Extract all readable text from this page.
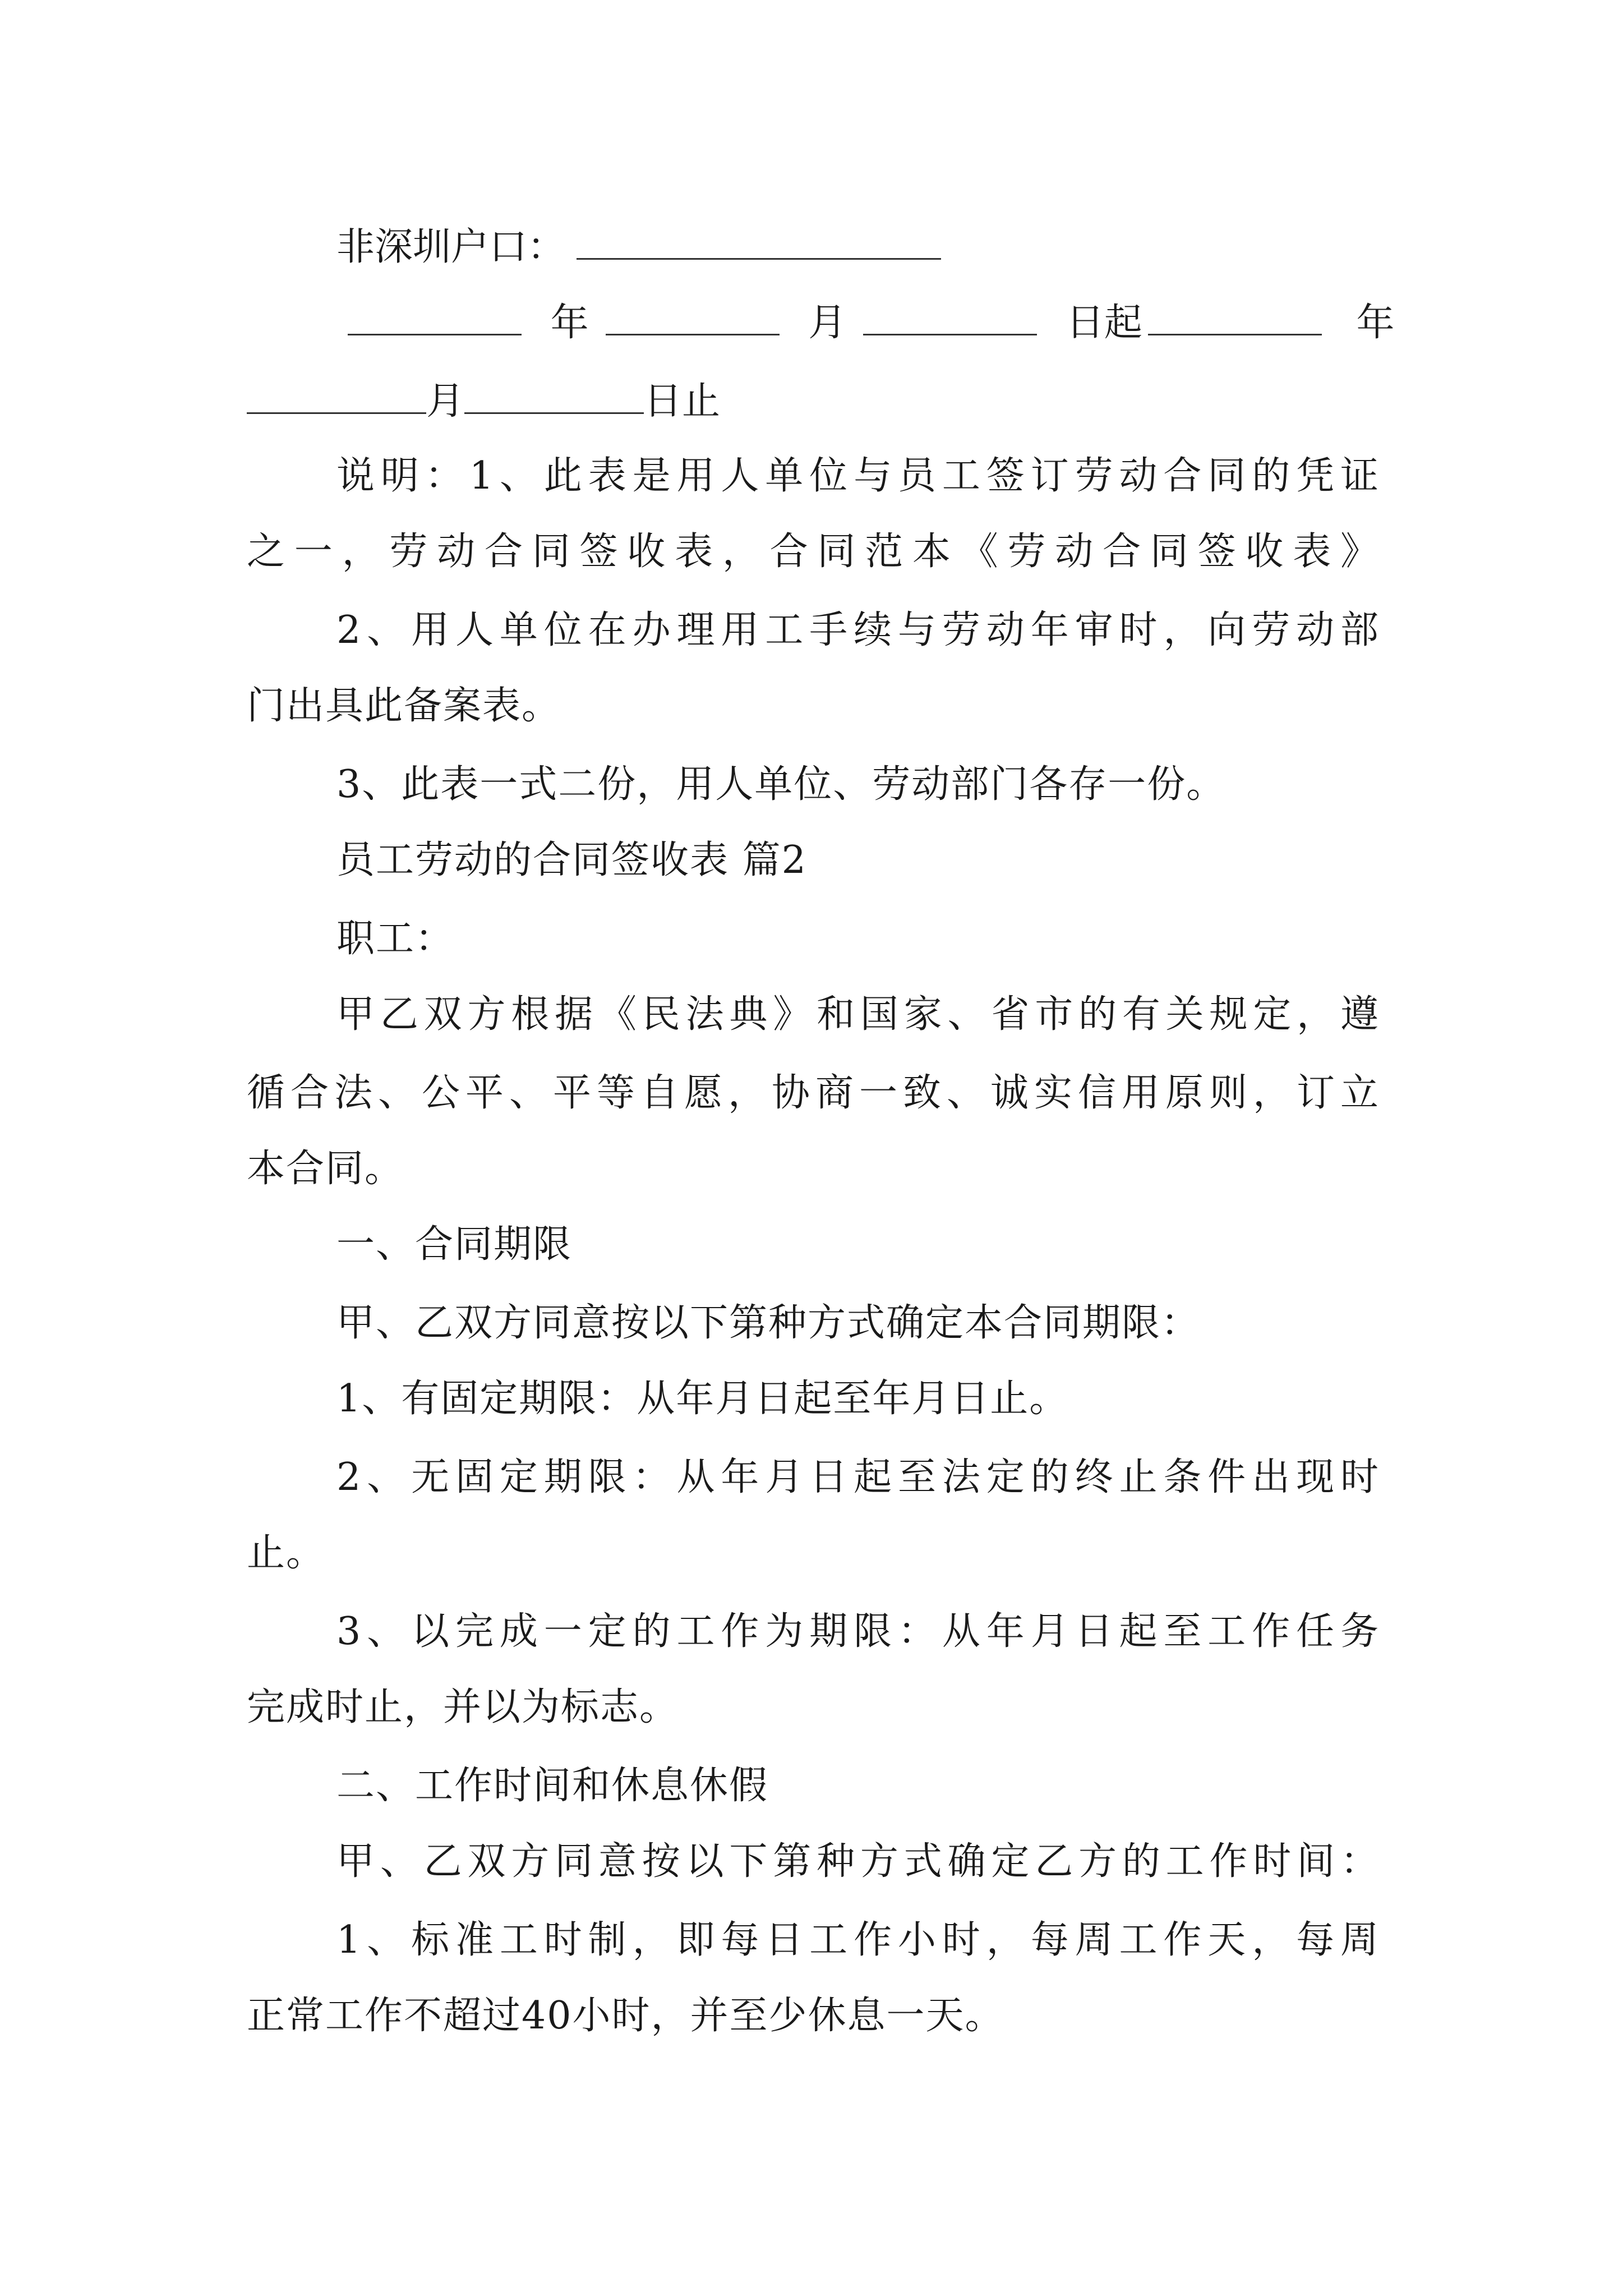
非深圳户口：
年	月	日起	年
月	日止
说明：1、此表是用人单位与员工签订劳动合同的凭证
之一，劳动合同签收表，合同范本《劳动合同签收表》
2、用人单位在办理用工手续与劳动年审时，向劳动部
门出具此备案表。
3、此表一式二份，用人单位、劳动部门各存一份。
员工劳动的合同签收表 篇2
职工：
甲乙双方根据《民法典》和国家、省市的有关规定，遵
循合法、公平、平等自愿，协商一致、诚实信用原则，订立
本合同。
一、合同期限
甲、乙双方同意按以下第种方式确定本合同期限：
1、有固定期限：从年月日起至年月日止。
2、无固定期限：从年月日起至法定的终止条件出现时
止。
3、以完成一定的工作为期限：从年月日起至工作任务
完成时止，并以为标志。
二、工作时间和休息休假
甲、乙双方同意按以下第种方式确定乙方的工作时间：
1、标准工时制，即每日工作小时，每周工作天，每周
正常工作不超过40小时，并至少休息一天。
